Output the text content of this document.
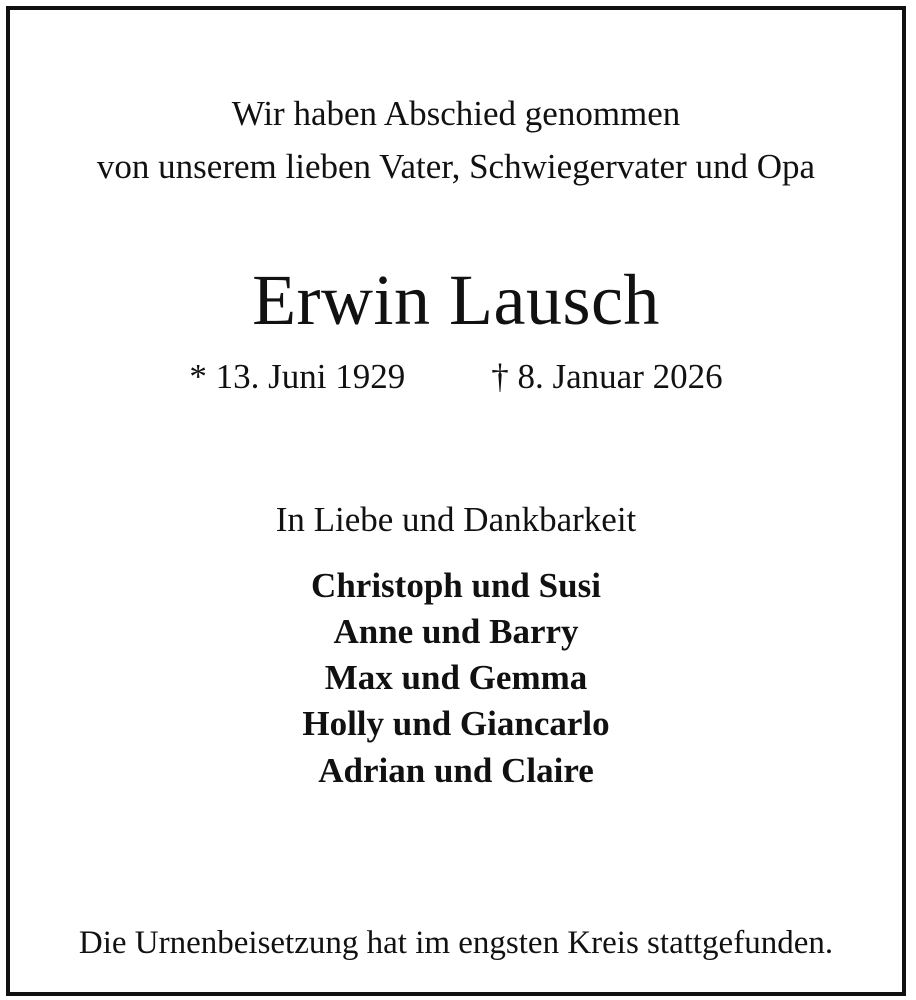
Wir haben Abschied genommen
von unserem lieben Vater, Schwiegervater und Opa
Erwin Lausch
* 13. Juni 1929 † 8. Januar 2026
In Liebe und Dankbarkeit
Christoph und Susi
Anne und Barry
Max und Gemma
Holly und Giancarlo
Adrian und Claire
Die Urnenbeisetzung hat im engsten Kreis stattgefunden.
